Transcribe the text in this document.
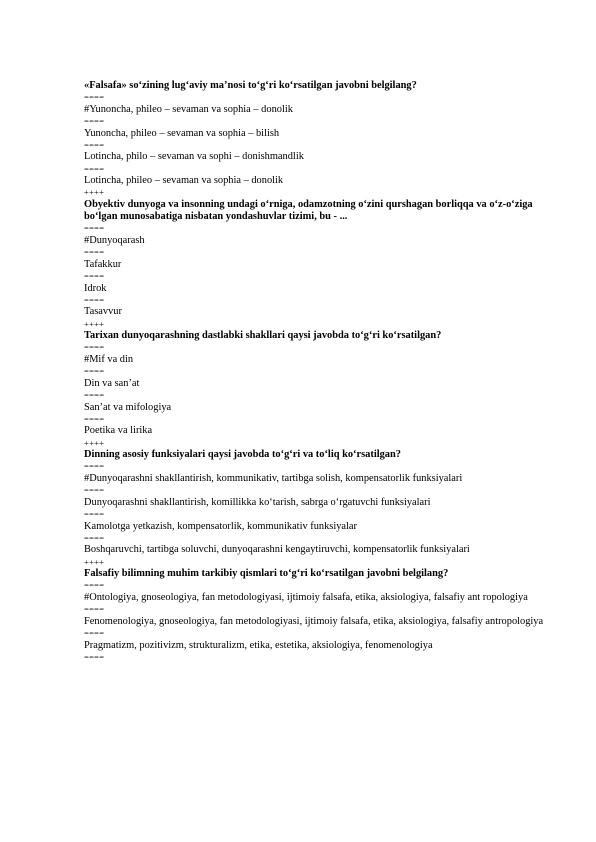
«Falsafa» so‘zining lug‘aviy ma’nosi to‘g‘ri ko‘rsatilgan javobni belgilang?
====
#Yunoncha, phileo – sevaman va sophia – donolik
====
Yunoncha, phileo – sevaman va sophia – bilish
====
Lotincha, philo – sevaman va sophi – donishmandlik
====
Lotincha, phileo – sevaman va sophia – donolik
++++
Obyektiv dunyoga va insonning undagi o‘rniga, odamzotning o‘zini qurshagan borliqqa va o‘z-o‘ziga bo‘lgan munosabatiga nisbatan yondashuvlar tizimi, bu - ...
====
#Dunyoqarash
====
Tafakkur
====
Idrok
====
Tasavvur
++++
Tarixan dunyoqarashning dastlabki shakllari qaysi javobda to‘g‘ri ko‘rsatilgan?
====
#Mif va din
====
Din va san’at
====
San’at va mifologiya
====
Poetika va lirika
++++
Dinning asosiy funksiyalari qaysi javobda to‘g‘ri va to‘liq ko‘rsatilgan?
====
#Dunyoqarashni shakllantirish, kommunikativ, tartibga solish, kompensatorlik funksiyalari
====
Dunyoqarashni shakllantirish, komillikka ko‘tarish, sabrga o‘rgatuvchi funksiyalari
====
Kamolotga yetkazish, kompensatorlik, kommunikativ funksiyalar
====
Boshqaruvchi, tartibga soluvchi, dunyoqarashni kengaytiruvchi, kompensatorlik funksiyalari
++++
Falsafiy bilimning muhim tarkibiy qismlari to‘g‘ri ko‘rsatilgan javobni belgilang?
====
#Ontologiya, gnoseologiya, fan metodologiyasi, ijtimoiy falsafa, etika, aksiologiya, falsafiy ant ropologiya
====
Fenomenologiya, gnoseologiya, fan metodologiyasi, ijtimoiy falsafa, etika, aksiologiya, falsafiy antropologiya
====
Pragmatizm, pozitivizm, strukturalizm, etika, estetika, aksiologiya, fenomenologiya
====
